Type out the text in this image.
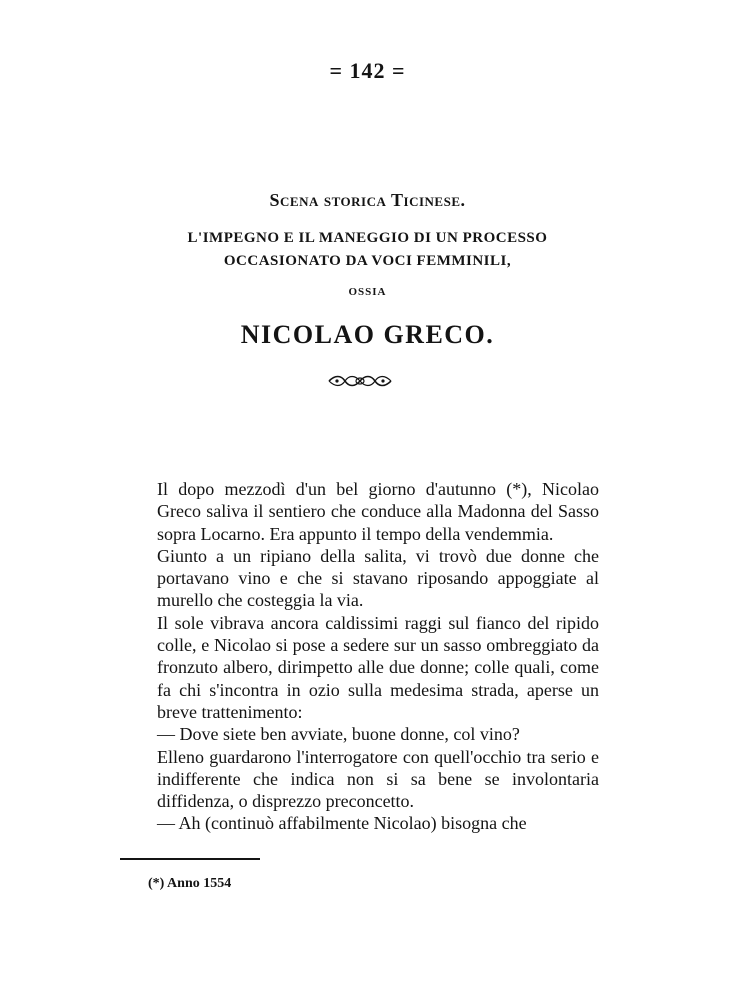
= 142 =
Scena storica Ticinese.
L'IMPEGNO E IL MANEGGIO DI UN PROCESSO
OCCASIONATO DA VOCI FEMMINILI,
OSSIA
NICOLAO GRECO.

Il dopo mezzodì d'un bel giorno d'autunno (*), Nicolao Greco saliva il sentiero che conduce alla Madonna del Sasso sopra Locarno. Era appunto il tempo della vendemmia.

Giunto a un ripiano della salita, vi trovò due donne che portavano vino e che si stavano riposando appoggiate al murello che costeggia la via.

Il sole vibrava ancora caldissimi raggi sul fianco del ripido colle, e Nicolao si pose a sedere sur un sasso ombreggiato da fronzuto albero, dirimpetto alle due donne; colle quali, come fa chi s'incontra in ozio sulla medesima strada, aperse un breve trattenimento:

— Dove siete ben avviate, buone donne, col vino?

Elleno guardarono l'interrogatore con quell'occhio tra serio e indifferente che indica non si sa bene se involontaria diffidenza, o disprezzo preconcetto.

— Ah (continuò affabilmente Nicolao) bisogna che

(*) Anno 1554
